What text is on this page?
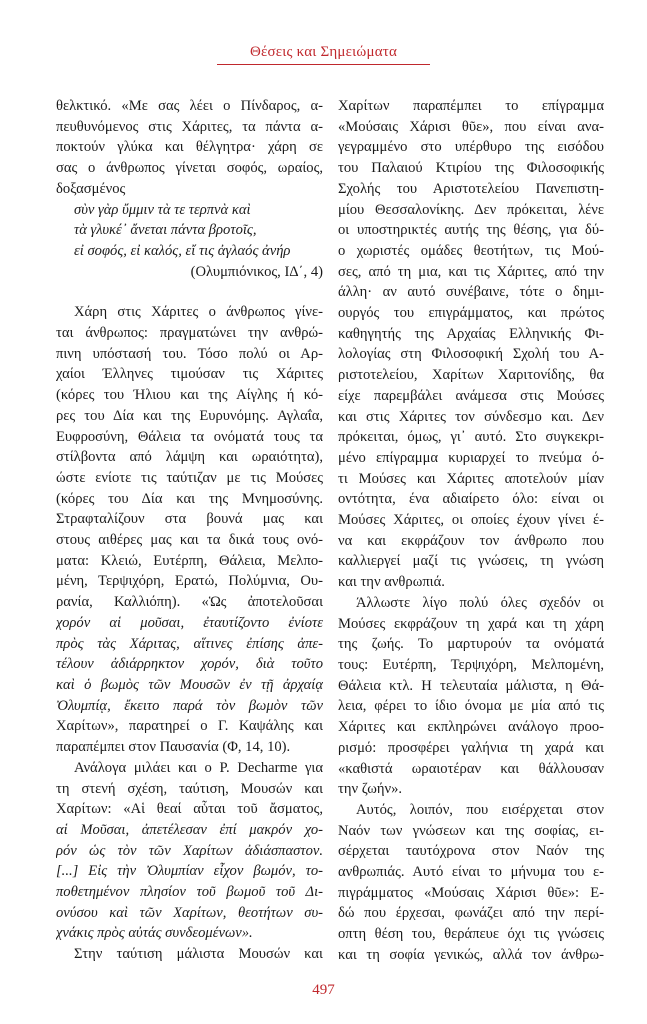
Θέσεις και Σημειώματα
θελκτικό. «Με σας λέει ο Πίνδαρος, α-
πευθυνόμενος στις Χάριτες, τα πάντα α-
ποκτούν γλύκα και θέλγητρα· χάρη σε
σας ο άνθρωπος γίνεται σοφός, ωραίος,
δοξασμένος
σὺν γὰρ ὔμμιν τὰ τε τερπνὰ καὶ
τὰ γλυκέ᾽ ἄνεται πάντα βροτοῖς,
εἰ σοφός, εἰ καλός, εἴ τις ἀγλαός ἀνήρ
(Ολυμπιόνικος, ΙΔ΄, 4)
Χάρη στις Χάριτες ο άνθρωπος γίνε-
ται άνθρωπος: πραγματώνει την ανθρώ-
πινη υπόστασή του. Τόσο πολύ οι Αρ-
χαίοι Έλληνες τιμούσαν τις Χάριτες
(κόρες του Ήλιου και της Αίγλης ή κό-
ρες του Δία και της Ευρυνόμης. Αγλαΐα,
Ευφροσύνη, Θάλεια τα ονόματά τους τα
στίλβοντα από λάμψη και ωραιότητα),
ώστε ενίοτε τις ταύτιζαν με τις Μούσες
(κόρες του Δία και της Μνημοσύνης.
Στραφταλίζουν στα βουνά μας και
στους αιθέρες μας και τα δικά τους ονό-
ματα: Κλειώ, Ευτέρπη, Θάλεια, Μελπο-
μένη, Τερψιχόρη, Ερατώ, Πολύμνια, Ου-
ρανία, Καλλιόπη). «Ὡς ἀποτελοῦσαι
χορόν αἱ μοῦσαι, ἐταυτίζοντο ἐνίοτε
πρὸς τὰς Χάριτας, αἵτινες ἐπίσης ἀπε-
τέλουν ἀδιάρρηκτον χορόν, διὰ τοῦτο
καὶ ὁ βωμὸς τῶν Μουσῶν ἐν τῇ ἀρχαίᾳ
Ὀλυμπίᾳ, ἔκειτο παρά τὸν βωμὸν τῶν
Χαρίτων», παρατηρεί ο Γ. Καψάλης και
παραπέμπει στον Παυσανία (Φ, 14, 10).
Ανάλογα μιλάει και ο P. Decharme για
τη στενή σχέση, ταύτιση, Μουσών και
Χαρίτων: «Αἱ θεαί αὗται τοῦ ἄσματος,
αἱ Μοῦσαι, ἀπετέλεσαν ἐπί μακρόν χο-
ρόν ὡς τὸν τῶν Χαρίτων ἀδιάσπαστον.
[...] Εἰς τὴν Ὀλυμπίαν εἶχον βωμόν, το-
ποθετημένον πλησίον τοῦ βωμοῦ τοῦ Δι-
ονύσου καὶ τῶν Χαρίτων, θεοτήτων συ-
χνάκις πρὸς αὐτάς συνδεομένων».
Στην ταύτιση μάλιστα Μουσών και
Χαρίτων παραπέμπει το επίγραμμα
«Μούσαις Χάρισι θῦε», που είναι ανα-
γεγραμμένο στο υπέρθυρο της εισόδου
του Παλαιού Κτιρίου της Φιλοσοφικής
Σχολής του Αριστοτελείου Πανεπιστη-
μίου Θεσσαλονίκης. Δεν πρόκειται, λένε
οι υποστηρικτές αυτής της θέσης, για δύ-
ο χωριστές ομάδες θεοτήτων, τις Μού-
σες, από τη μια, και τις Χάριτες, από την
άλλη· αν αυτό συνέβαινε, τότε ο δημι-
ουργός του επιγράμματος, και πρώτος
καθηγητής της Αρχαίας Ελληνικής Φι-
λολογίας στη Φιλοσοφική Σχολή του Α-
ριστοτελείου, Χαρίτων Χαριτονίδης, θα
είχε παρεμβάλει ανάμεσα στις Μούσες
και στις Χάριτες τον σύνδεσμο και. Δεν
πρόκειται, όμως, γι᾽ αυτό. Στο συγκεκρι-
μένο επίγραμμα κυριαρχεί το πνεύμα ό-
τι Μούσες και Χάριτες αποτελούν μίαν
οντότητα, ένα αδιαίρετο όλο: είναι οι
Μούσες Χάριτες, οι οποίες έχουν γίνει έ-
να και εκφράζουν τον άνθρωπο που
καλλιεργεί μαζί τις γνώσεις, τη γνώση
και την ανθρωπιά.
Άλλωστε λίγο πολύ όλες σχεδόν οι
Μούσες εκφράζουν τη χαρά και τη χάρη
της ζωής. Το μαρτυρούν τα ονόματά
τους: Ευτέρπη, Τερψιχόρη, Μελπομένη,
Θάλεια κτλ. Η τελευταία μάλιστα, η Θά-
λεια, φέρει το ίδιο όνομα με μία από τις
Χάριτες και εκπληρώνει ανάλογο προο-
ρισμό: προσφέρει γαλήνια τη χαρά και
«καθιστά ωραιοτέραν και θάλλουσαν
την ζωήν».
Αυτός, λοιπόν, που εισέρχεται στον
Ναόν των γνώσεων και της σοφίας, ει-
σέρχεται ταυτόχρονα στον Ναόν της
ανθρωπιάς. Αυτό είναι το μήνυμα του ε-
πιγράμματος «Μούσαις Χάρισι θῦε»: Ε-
δώ που έρχεσαι, φωνάζει από την περί-
οπτη θέση του, θεράπευε όχι τις γνώσεις
και τη σοφία γενικώς, αλλά τον άνθρω-
497
